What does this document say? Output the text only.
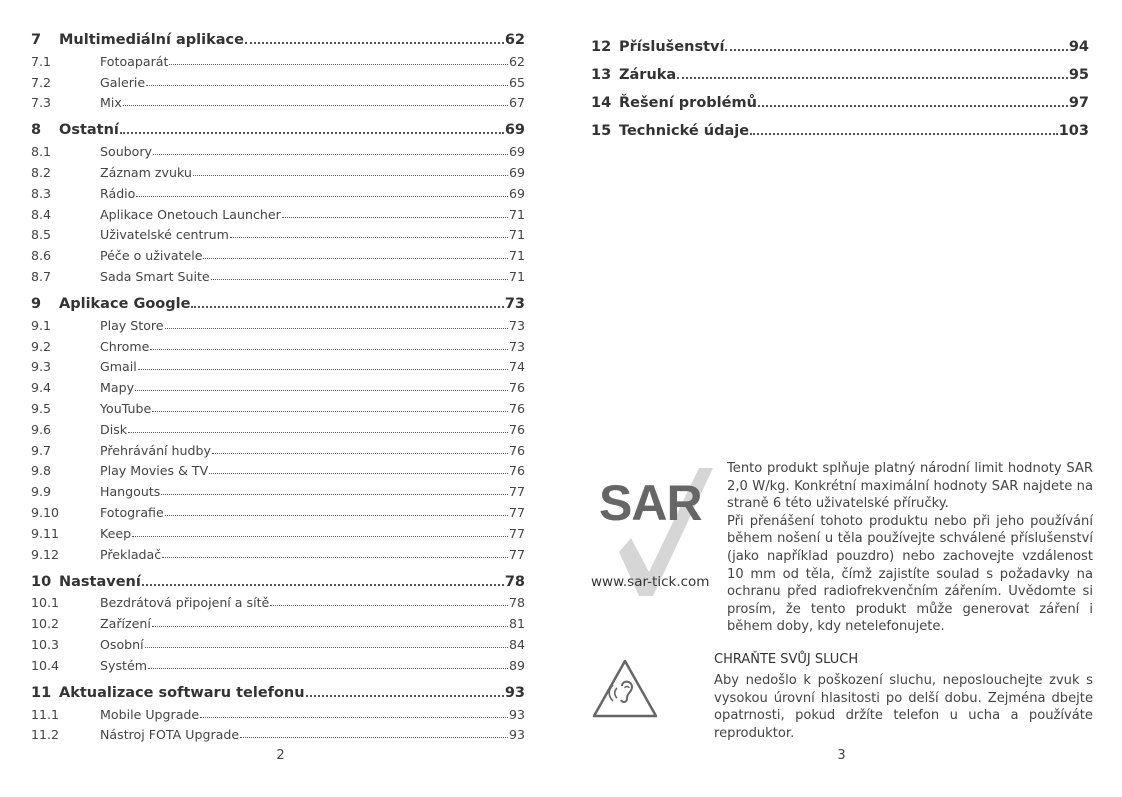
7	Multimediální aplikace	62
7.1	Fotoaparát	62
7.2	Galerie	65
7.3	Mix	67
8	Ostatní	69
8.1	Soubory	69
8.2	Záznam zvuku	69
8.3	Rádio	69
8.4	Aplikace Onetouch Launcher	71
8.5	Uživatelské centrum	71
8.6	Péče o uživatele	71
8.7	Sada Smart Suite	71
9	Aplikace Google	73
9.1	Play Store	73
9.2	Chrome	73
9.3	Gmail	74
9.4	Mapy	76
9.5	YouTube	76
9.6	Disk	76
9.7	Přehrávání hudby	76
9.8	Play Movies & TV	76
9.9	Hangouts	77
9.10	Fotografie	77
9.11	Keep	77
9.12	Překladač	77
10 Nastavení	78
10.1	Bezdrátová připojení a sítě	78
10.2	Zařízení	81
10.3	Osobní	84
10.4	Systém	89
11 Aktualizace softwaru telefonu	93
11.1	Mobile Upgrade	93
11.2	Nástroj FOTA Upgrade	93
2
12 Příslušenství	94
13 Záruka	95
14 Řešení problémů	97
15 Technické údaje	103
SAR
www.sar-tick.com

Tento produkt splňuje platný národní limit hodnoty SAR 2,0 W/kg. Konkrétní maximální hodnoty SAR najdete na straně 6 této uživatelské příručky.

Při přenášení tohoto produktu nebo při jeho používání během nošení u těla používejte schválené příslušenství (jako například pouzdro) nebo zachovejte vzdálenost 10 mm od těla, čímž zajistíte soulad s požadavky na ochranu před radiofrekvenčním zářením. Uvědomte si prosím, že tento produkt může generovat záření i během doby, kdy netelefonujete.

CHRAŇTE SVŮJ SLUCH

Aby nedošlo k poškození sluchu, neposlouchejte zvuk s vysokou úrovní hlasitosti po delší dobu. Zejména dbejte opatrnosti, pokud držíte telefon u ucha a používáte reproduktor.

3
